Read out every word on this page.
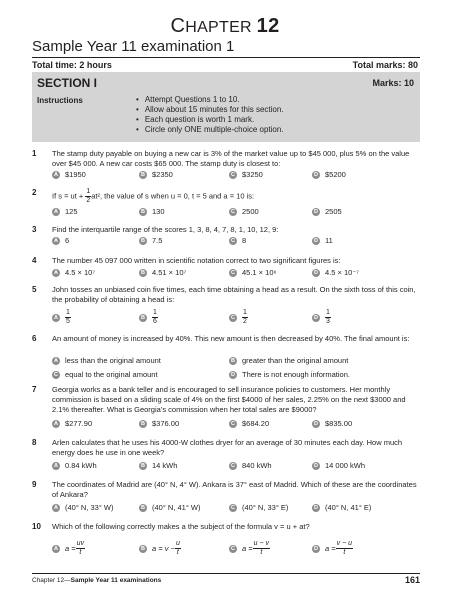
CHAPTER 12
Sample Year 11 examination 1
Total time: 2 hours	Total marks: 80
SECTION I	Marks: 10
Instructions
•	Attempt Questions 1 to 10.
• Allow about 15 minutes for this section.
• Each question is worth 1 mark.
• Circle only ONE multiple-choice option.
1 The stamp duty payable on buying a new car is 3% of the market value up to $45 000, plus 5% on the value over $45 000. A new car costs $65 000. The stamp duty is closest to:
A $1950	B $2350	C $3250	D $5200
2 If s = ut + $\frac{1}{2} at^2$, the value of s when u = 0, t = 5 and a = 10 is:
A 125	B 130	C 2500	D 2505
3 Find the interquartile range of the scores 1, 3, 8, 4, 7, 8, 1, 10, 12, 9:
A 6	B 7.5	C 8	D 11
4 The number 45 097 000 written in scientific notation correct to two significant figures is:
A 4.5 × 10⁷	B 4.51 × 10⁷	C 45.1 × 10⁶	D 4.5 × 10⁻⁷
5 John tosses an unbiased coin five times, each time obtaining a head as a result. On the sixth toss of this coin, the probability of obtaining a head is:
A $\frac{1}{5}$	B $\frac{1}{6}$	C $\frac{1}{2}$	D $\frac{1}{3}$
6 An amount of money is increased by 40%. This new amount is then decreased by 40%. The final amount is:
A less than the original amount	B greater than the original amount
C equal to the original amount	D There is not enough information.
7 Georgia works as a bank teller and is encouraged to sell insurance policies to customers. Her monthly commission is based on a sliding scale of 4% on the first $4000 of her sales, 2.25% on the next $3000 and 2.1% thereafter. What is Georgia’s commission when her total sales are $9000?
A $277.90	B $376.00	C $684.20	D $835.00
8 Arlen calculates that he uses his 4000-W clothes dryer for an average of 30 minutes each day. How much energy does he use in one week?
A 0.84 kWh	B 14 kWh	C 840 kWh	D 14 000 kWh
9 The coordinates of Madrid are (40° N, 4° W). Ankara is 37° east of Madrid. Which of these are the coordinates of Ankara?
A (40° N, 33° W)	B (40° N, 41° W)	C (40° N, 33° E)	D (40° N, 41° E)
10 Which of the following correctly makes a the subject of the formula v = u + at?
A $a = \frac{uv}{t}$	B $a = v - \frac{u}{t}$	C $a = \frac{u - v}{t}$	D $a = \frac{v - u}{t}$
Chapter 12—Sample Year 11 examinations	161
